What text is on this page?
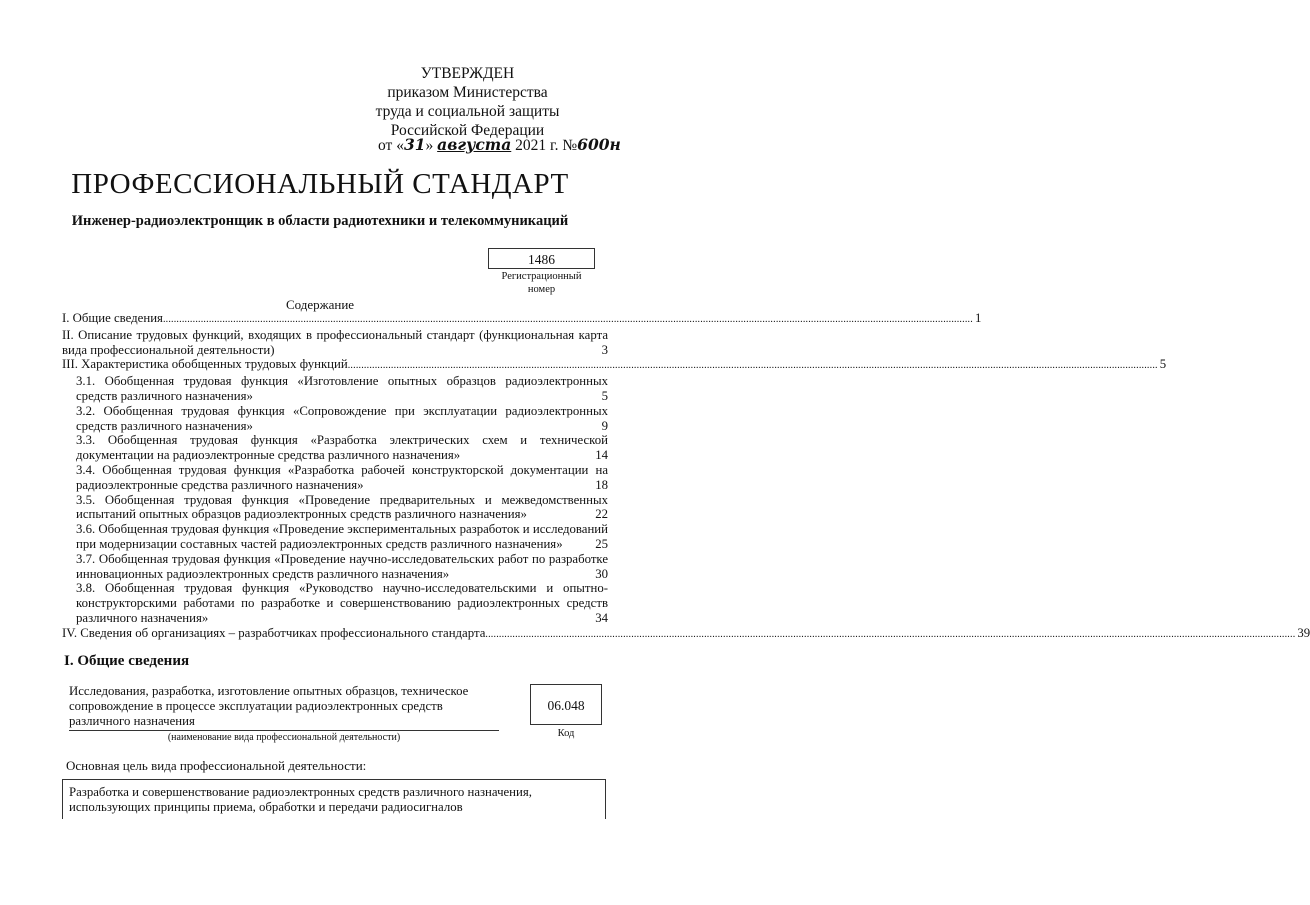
УТВЕРЖДЕН
приказом Министерства
труда и социальной защиты
Российской Федерации
от «31» августа 2021 г. №600н
ПРОФЕССИОНАЛЬНЫЙ СТАНДАРТ
Инженер-радиоэлектронщик в области радиотехники и телекоммуникаций
1486
Регистрационный
номер
Содержание
I. Общие сведения ............................................................................................................................................................................................................................................................................................................ 1
II. Описание трудовых функций, входящих в профессиональный стандарт (функциональная карта вида профессиональной деятельности)	3
III. Характеристика обобщенных трудовых функций ............................................................................................................................................................................................................................................................................................................ 5
3.1. Обобщенная трудовая функция «Изготовление опытных образцов радиоэлектронных средств различного назначения»	5
3.2. Обобщенная трудовая функция «Сопровождение при эксплуатации радиоэлектронных средств различного назначения»	9
3.3. Обобщенная трудовая функция «Разработка электрических схем и технической документации на радиоэлектронные средства различного назначения»	14
3.4. Обобщенная трудовая функция «Разработка рабочей конструкторской документации на радиоэлектронные средства различного назначения»	18
3.5. Обобщенная трудовая функция «Проведение предварительных и межведомственных испытаний опытных образцов радиоэлектронных средств различного назначения»	22
3.6. Обобщенная трудовая функция «Проведение экспериментальных разработок и исследований при модернизации составных частей радиоэлектронных средств различного назначения»	25
3.7. Обобщенная трудовая функция «Проведение научно-исследовательских работ по разработке инновационных радиоэлектронных средств различного назначения»	30
3.8. Обобщенная трудовая функция «Руководство научно-исследовательскими и опытно-конструкторскими работами по разработке и совершенствованию радиоэлектронных средств различного назначения»	34
IV. Сведения об организациях – разработчиках профессионального стандарта ............................................................................................................................................................................................................................................................................................................ 39
I. Общие сведения
Исследования, разработка, изготовление опытных образцов, техническое сопровождение в процессе эксплуатации радиоэлектронных средств различного назначения
(наименование вида профессиональной деятельности)
06.048
Код
Основная цель вида профессиональной деятельности:
Разработка и совершенствование радиоэлектронных средств различного назначения, использующих принципы приема, обработки и передачи радиосигналов
